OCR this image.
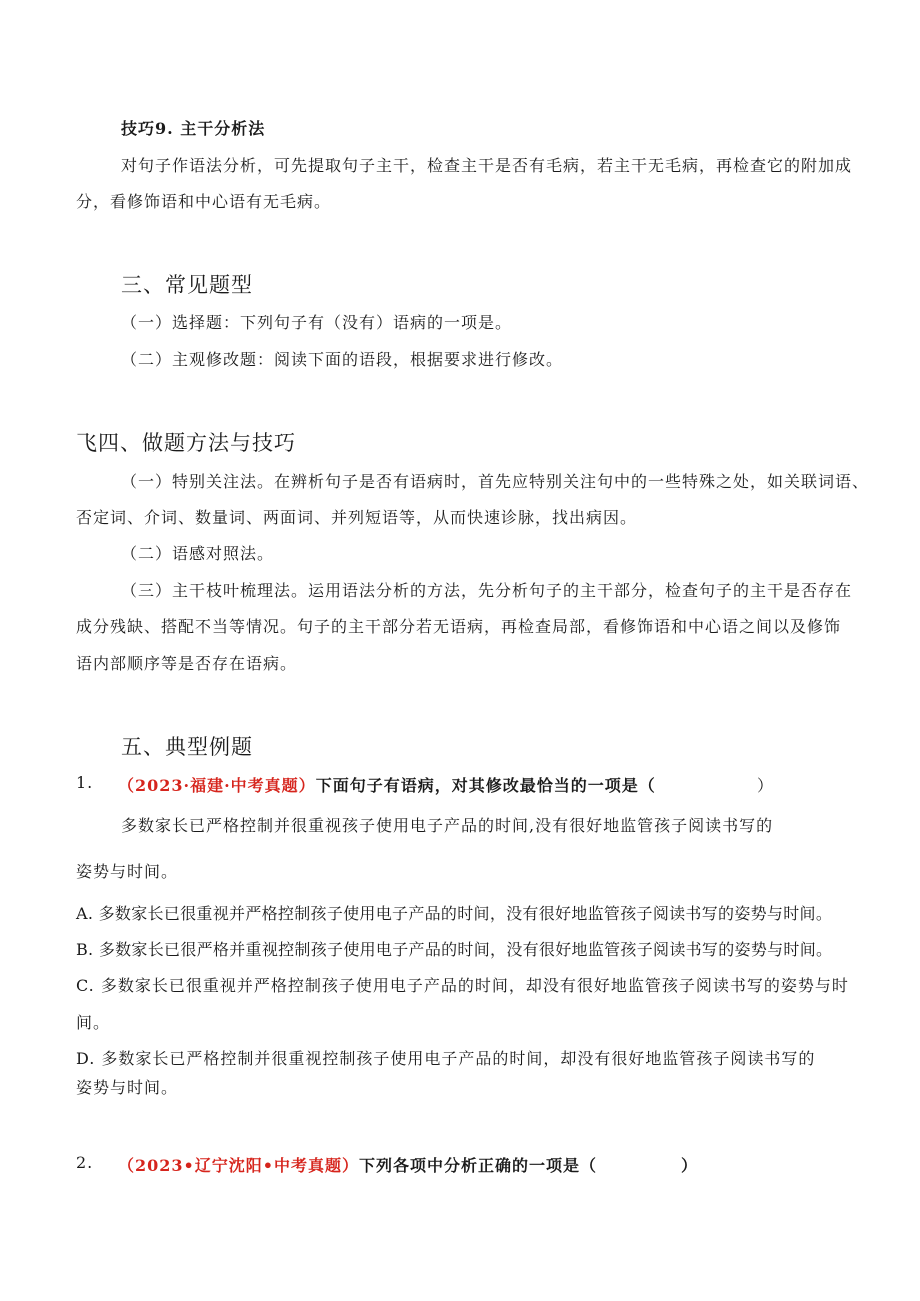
技巧9. 主干分析法

对句子作语法分析，可先提取句子主干，检查主干是否有毛病，若主干无毛病，再检查它的附加成

分，看修饰语和中心语有无毛病。

三、常见题型

（一）选择题：下列句子有（没有）语病的一项是。

（二）主观修改题：阅读下面的语段，根据要求进行修改。

飞四、做题方法与技巧

（一）特别关注法。在辨析句子是否有语病时，首先应特别关注句中的一些特殊之处，如关联词语、

否定词、介词、数量词、两面词、并列短语等，从而快速诊脉，找出病因。

（二）语感对照法。

（三）主干枝叶梳理法。运用语法分析的方法，先分析句子的主干部分，检查句子的主干是否存在

成分残缺、搭配不当等情况。句子的主干部分若无语病，再检查局部，看修饰语和中心语之间以及修饰

语内部顺序等是否存在语病。

五、典型例题

1. （2023·福建·中考真题）下面句子有语病，对其修改最恰当的一项是（	）

多数家长已严格控制并很重视孩子使用电子产品的时间,没有很好地监管孩子阅读书写的

姿势与时间。

A. 多数家长已很重视并严格控制孩子使用电子产品的时间，没有很好地监管孩子阅读书写的姿势与时间。

B. 多数家长已很严格并重视控制孩子使用电子产品的时间，没有很好地监管孩子阅读书写的姿势与时间。

C. 多数家长已很重视并严格控制孩子使用电子产品的时间，却没有很好地监管孩子阅读书写的姿势与时

间。

D. 多数家长已严格控制并很重视控制孩子使用电子产品的时间，却没有很好地监管孩子阅读书写的

姿势与时间。

2. （2023•辽宁沈阳•中考真题）下列各项中分析正确的一项是（	）
